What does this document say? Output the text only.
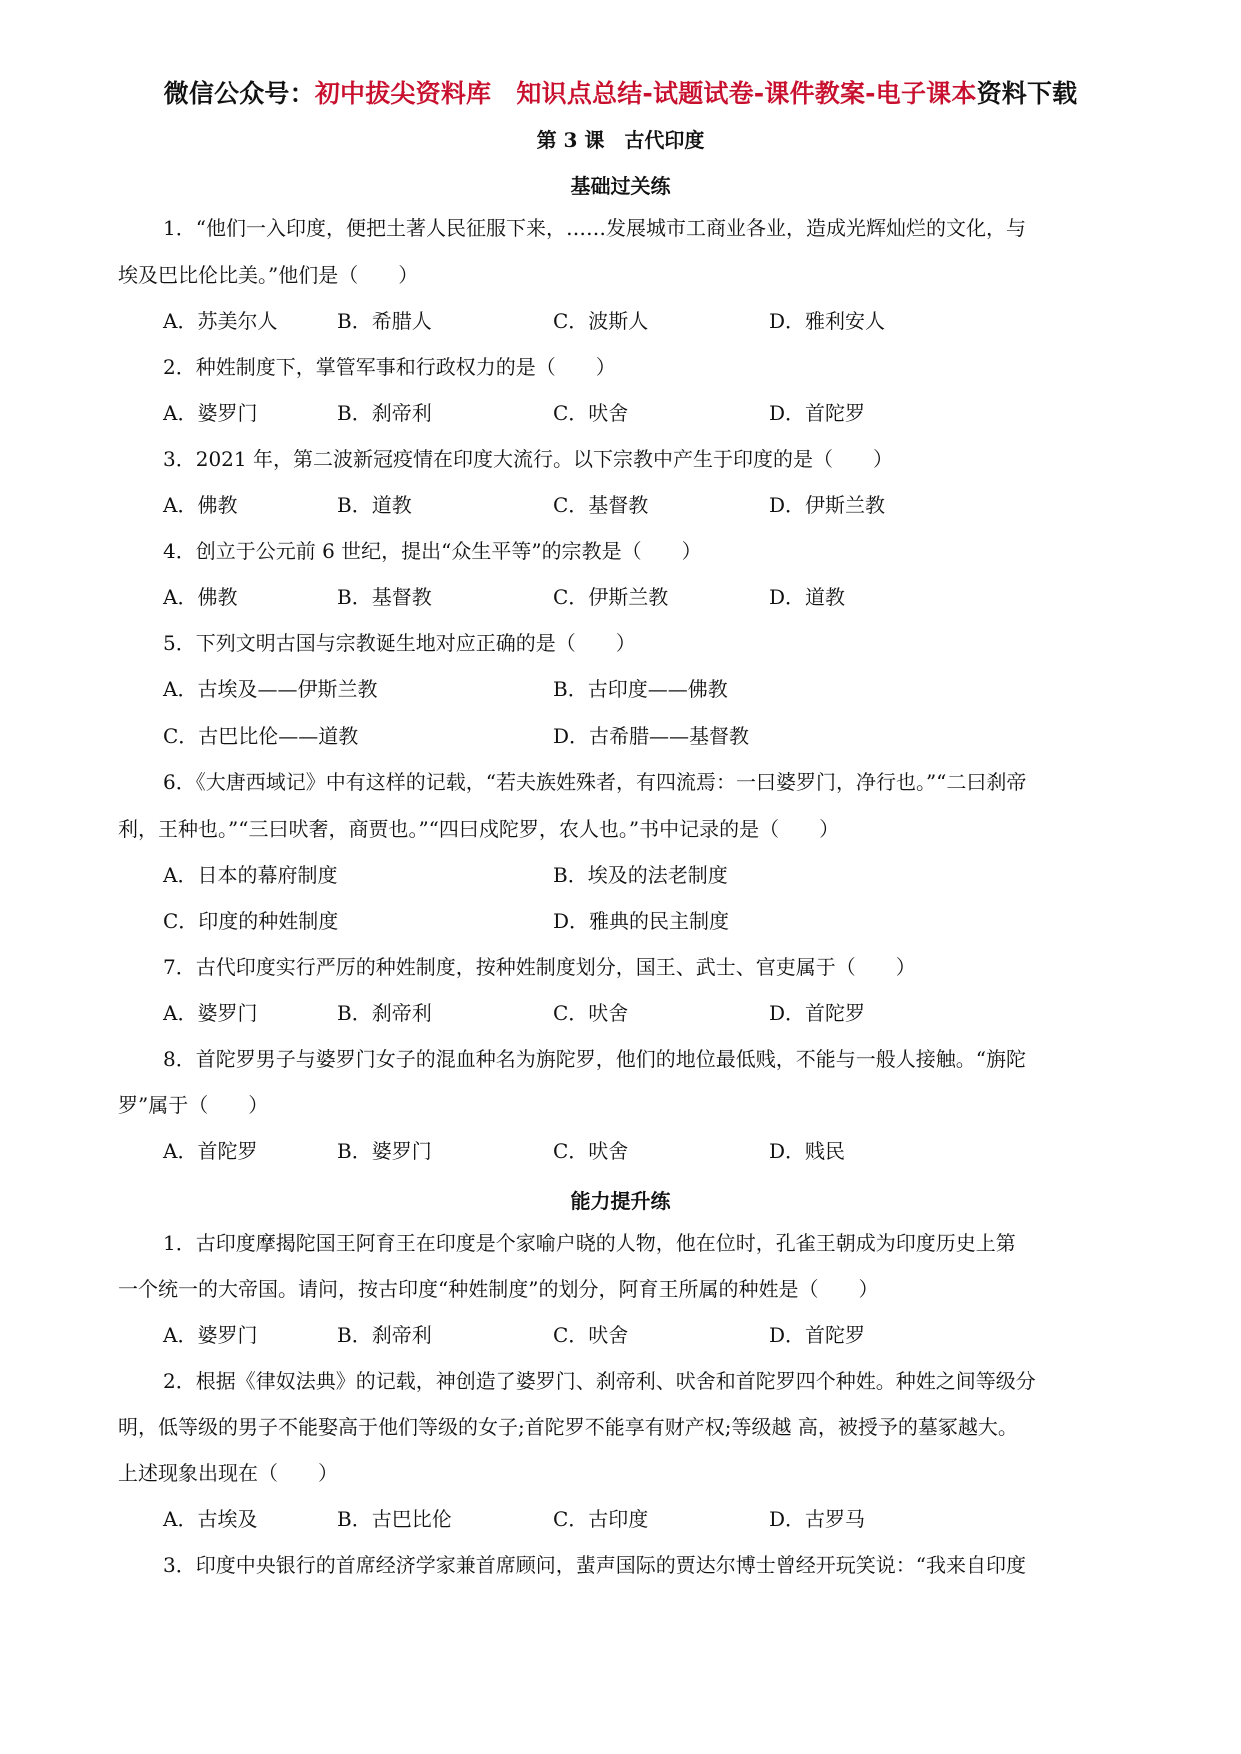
微信公众号：初中拔尖资料库　知识点总结-试题试卷-课件教案-电子课本资料下载
第 3 课　古代印度
基础过关练
1．“他们一入印度，便把土著人民征服下来，……发展城市工商业各业，造成光辉灿烂的文化，与
埃及巴比伦比美。”他们是（　　）
A．苏美尔人	B．希腊人	C．波斯人	D．雅利安人
2．种姓制度下，掌管军事和行政权力的是（　　）
A．婆罗门	B．刹帝利	C．吠舍	D．首陀罗
3．2021 年，第二波新冠疫情在印度大流行。以下宗教中产生于印度的是（　　）
A．佛教	B．道教	C．基督教	D．伊斯兰教
4．创立于公元前 6 世纪，提出“众生平等”的宗教是（　　）
A．佛教	B．基督教	C．伊斯兰教	D．道教
5．下列文明古国与宗教诞生地对应正确的是（　　）
A．古埃及——伊斯兰教	B．古印度——佛教
C．古巴比伦——道教	D．古希腊——基督教
6．《大唐西域记》中有这样的记载，“若夫族姓殊者，有四流焉：一曰婆罗门，净行也。”“二曰刹帝
利，王种也。”“三曰吠奢，商贾也。”“四曰戍陀罗，农人也。”书中记录的是（　　）
A．日本的幕府制度	B．埃及的法老制度
C．印度的种姓制度	D．雅典的民主制度
7．古代印度实行严厉的种姓制度，按种姓制度划分，国王、武士、官吏属于（　　）
A．婆罗门	B．刹帝利	C．吠舍	D．首陀罗
8．首陀罗男子与婆罗门女子的混血种名为旃陀罗，他们的地位最低贱，不能与一般人接触。“旃陀
罗”属于（　　）
A．首陀罗	B．婆罗门	C．吠舍	D．贱民
能力提升练
1．古印度摩揭陀国王阿育王在印度是个家喻户晓的人物，他在位时，孔雀王朝成为印度历史上第
一个统一的大帝国。请问，按古印度“种姓制度”的划分，阿育王所属的种姓是（　　）
A．婆罗门	B．刹帝利	C．吠舍	D．首陀罗
2．根据《律奴法典》的记载，神创造了婆罗门、刹帝利、吠舍和首陀罗四个种姓。种姓之间等级分
明，低等级的男子不能娶高于他们等级的女子;首陀罗不能享有财产权;等级越 高，被授予的墓冢越大。
上述现象出现在（　　）
A．古埃及	B．古巴比伦	C．古印度	D．古罗马
3．印度中央银行的首席经济学家兼首席顾问，蜚声国际的贾达尔博士曾经开玩笑说：“我来自印度
